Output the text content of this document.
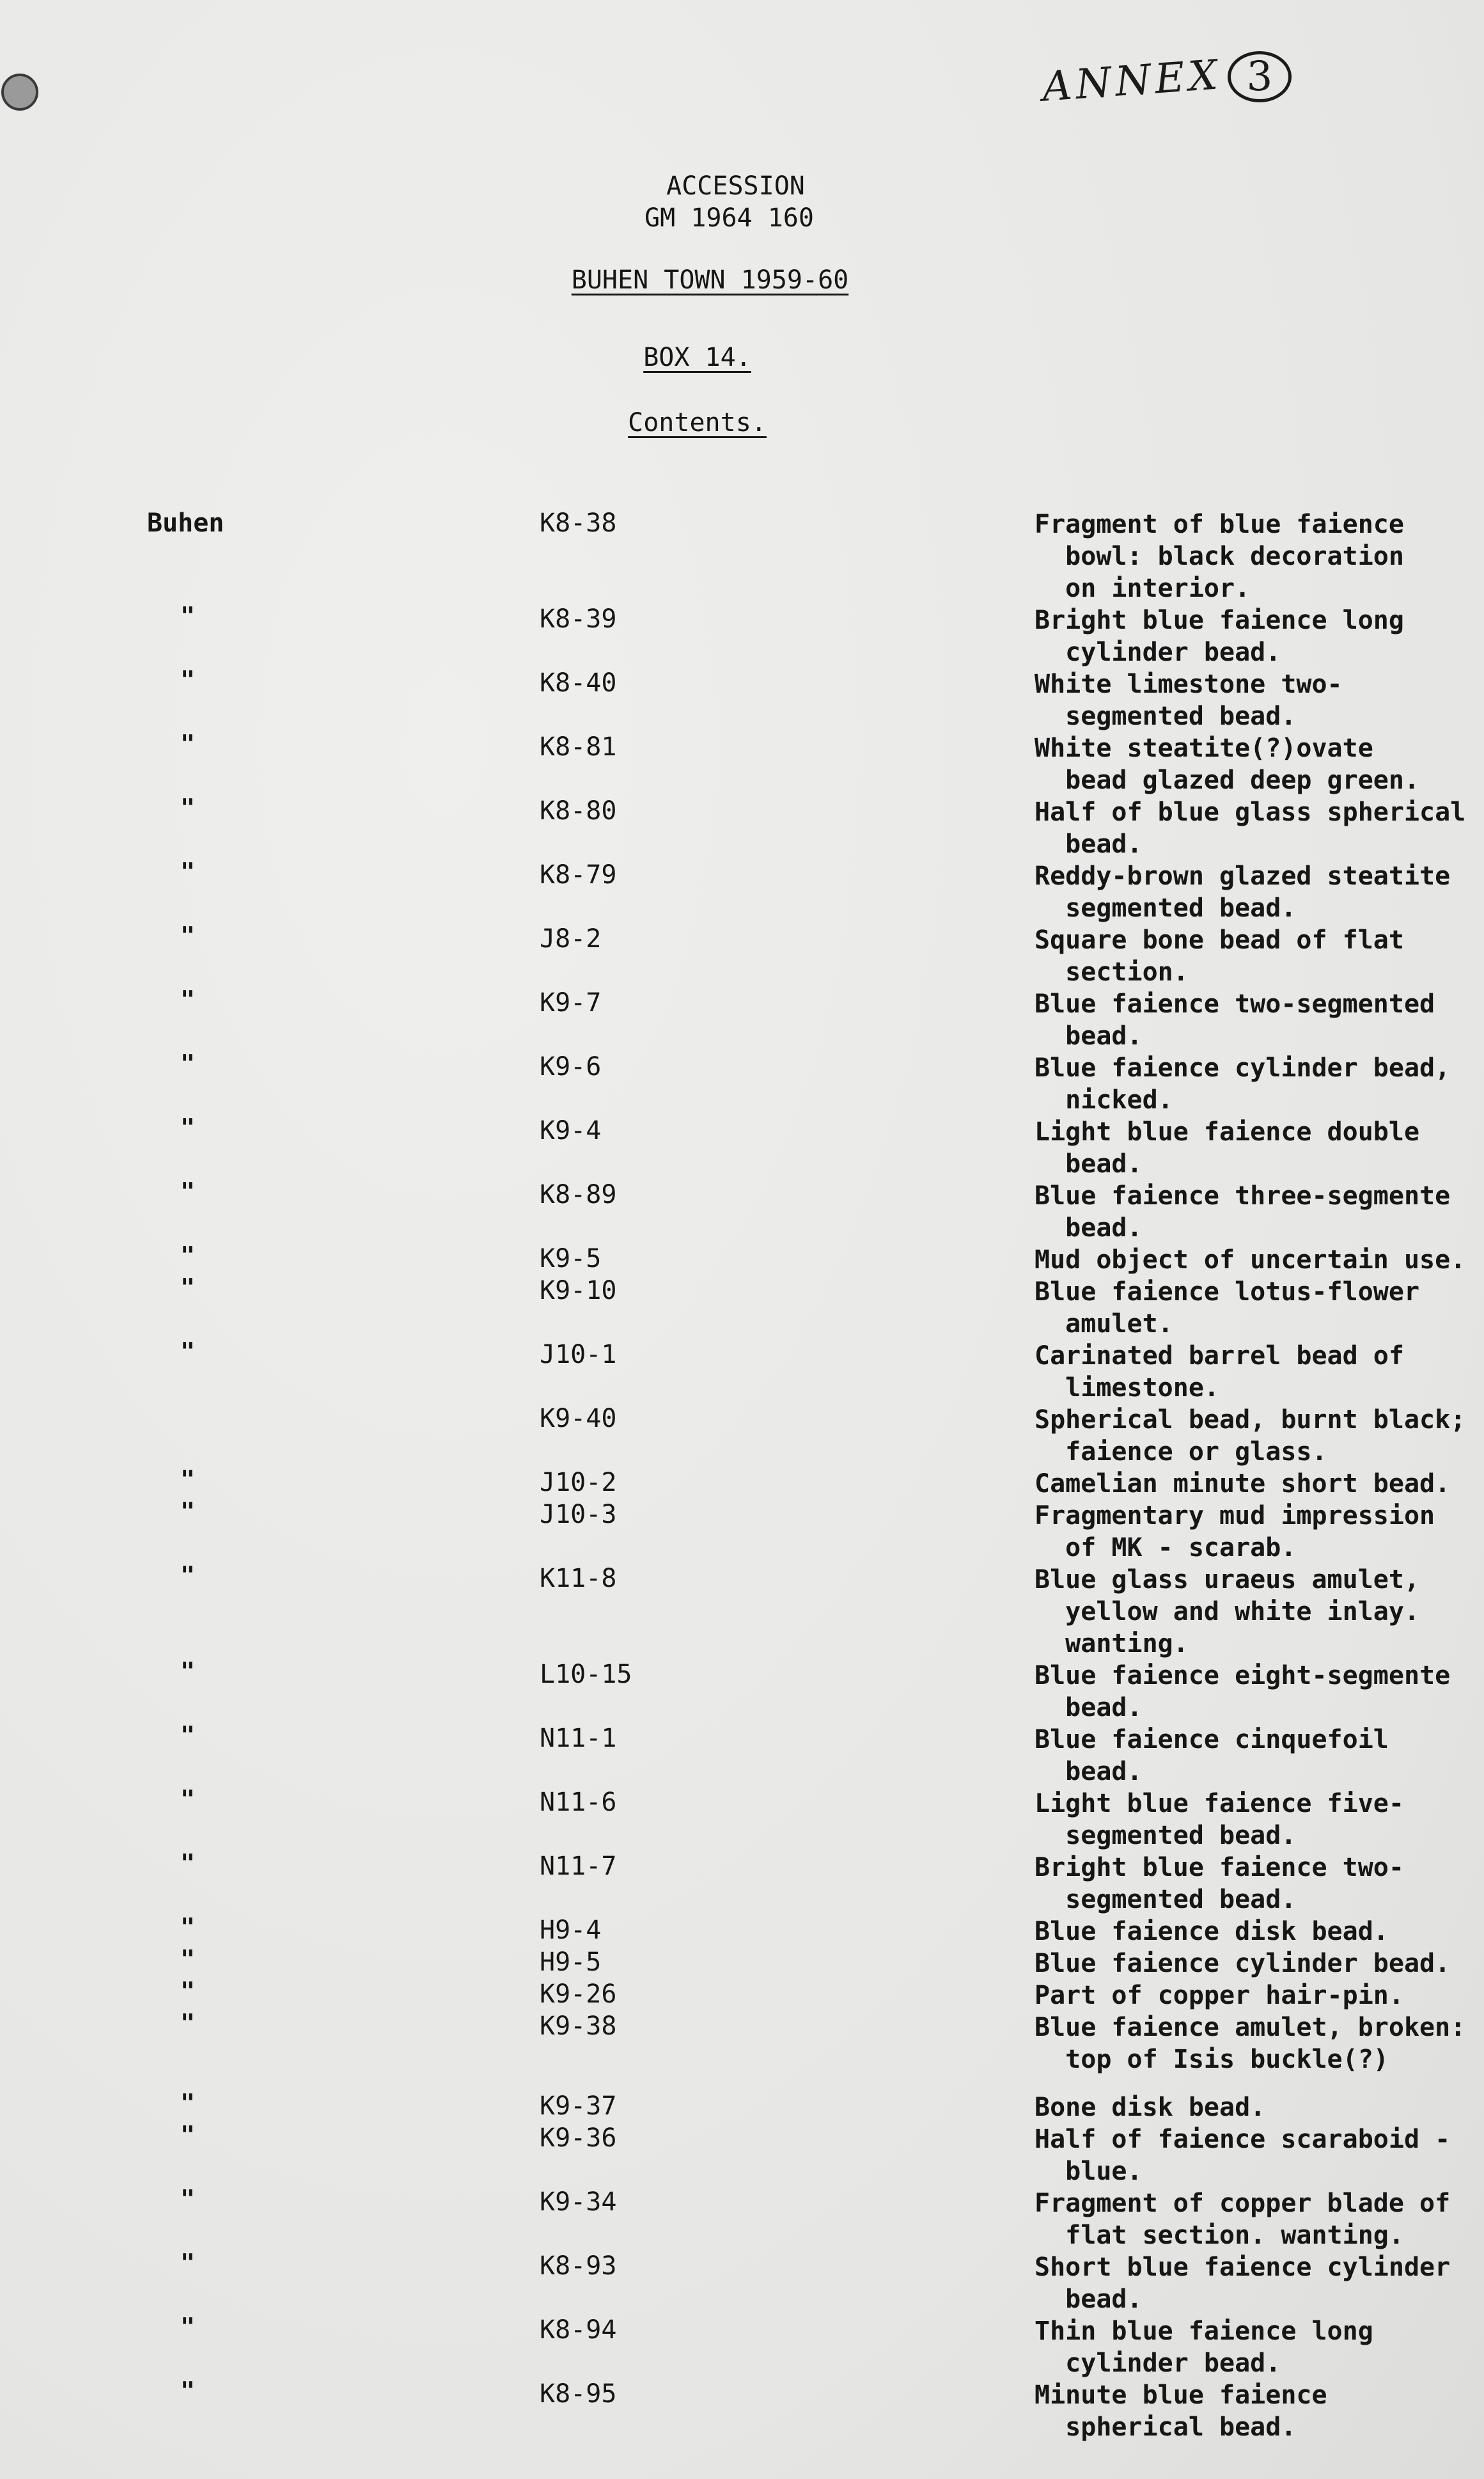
ANNEX 3
ACCESSION
GM 1964 160
BUHEN TOWN 1959-60
BOX 14.
Contents.
Buhen	K8-38	Fragment of blue faience
bowl: black decoration
on interior.
"	K8-39	Bright blue faience long
cylinder bead.
"	K8-40	White limestone two-
segmented bead.
"	K8-81	White steatite(?)ovate
bead glazed deep green.
"	K8-80	Half of blue glass spherical
bead.
"	K8-79	Reddy-brown glazed steatite
segmented bead.
"	J8-2	Square bone bead of flat
section.
"	K9-7	Blue faience two-segmented
bead.
"	K9-6	Blue faience cylinder bead,
nicked.
"	K9-4	Light blue faience double
bead.
"	K8-89	Blue faience three-segmente
bead.
"	K9-5	Mud object of uncertain use.
"	K9-10	Blue faience lotus-flower
amulet.
"	J10-1	Carinated barrel bead of
limestone.
K9-40	Spherical bead, burnt black;
faience or glass.
"	J10-2	Camelian minute short bead.
"	J10-3	Fragmentary mud impression
of MK - scarab.
"	K11-8	Blue glass uraeus amulet,
yellow and white inlay.
wanting.
"	L10-15	Blue faience eight-segmente
bead.
"	N11-1	Blue faience cinquefoil
bead.
"	N11-6	Light blue faience five-
segmented bead.
"	N11-7	Bright blue faience two-
segmented bead.
"	H9-4	Blue faience disk bead.
"	H9-5	Blue faience cylinder bead.
"	K9-26	Part of copper hair-pin.
"	K9-38	Blue faience amulet, broken:
top of Isis buckle(?)
"	K9-37	Bone disk bead.
"	K9-36	Half of faience scaraboid -
blue.
"	K9-34	Fragment of copper blade of
flat section. wanting.
"	K8-93	Short blue faience cylinder
bead.
"	K8-94	Thin blue faience long
cylinder bead.
"	K8-95	Minute blue faience
spherical bead.
